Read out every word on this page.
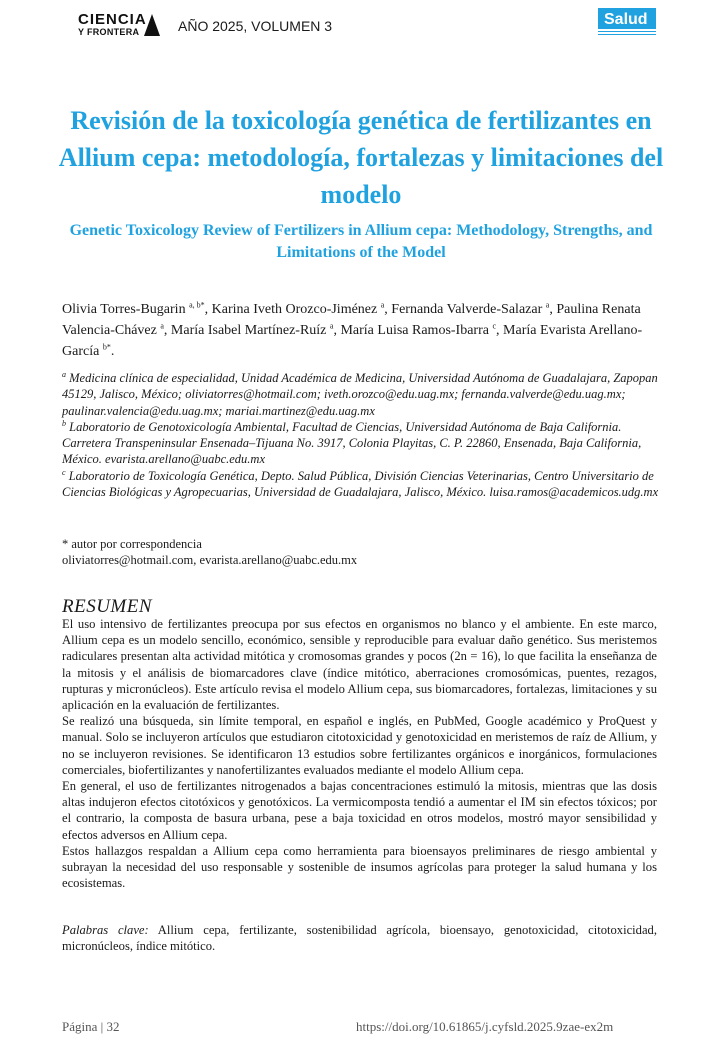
CIENCIA
Y FRONTERA	AÑO 2025, VOLUMEN 3	Salud
Revisión de la toxicología genética de fertilizantes en Allium cepa: metodología, fortalezas y limitaciones del modelo
Genetic Toxicology Review of Fertilizers in Allium cepa: Methodology, Strengths, and Limitations of the Model
Olivia Torres-Bugarin $^{a, b*}$, Karina Iveth Orozco-Jiménez $^a$, Fernanda Valverde-Salazar $^a$, Paulina Renata Valencia-Chávez $^a$, María Isabel Martínez-Ruíz $^a$, María Luisa Ramos-Ibarra $^c$, María Evarista Arellano-García $^{b*}$.

$^a$ Medicina clínica de especialidad, Unidad Académica de Medicina, Universidad Autónoma de Guadalajara, Zapopan 45129, Jalisco, México; oliviatorres@hotmail.com; iveth.orozco@edu.uag.mx; fernanda.valverde@edu.uag.mx; paulinar.valencia@edu.uag.mx; mariai.martinez@edu.uag.mx

$^b$ Laboratorio de Genotoxicología Ambiental, Facultad de Ciencias, Universidad Autónoma de Baja California. Carretera Transpeninsular Ensenada–Tijuana No. 3917, Colonia Playitas, C. P. 22860, Ensenada, Baja California, México. evarista.arellano@uabc.edu.mx

$^c$ Laboratorio de Toxicología Genética, Depto. Salud Pública, División Ciencias Veterinarias, Centro Universitario de Ciencias Biológicas y Agropecuarias, Universidad de Guadalajara, Jalisco, México. luisa.ramos@academicos.udg.mx

* autor por correspondencia
oliviatorres@hotmail.com, evarista.arellano@uabc.edu.mx
RESUMEN

El uso intensivo de fertilizantes preocupa por sus efectos en organismos no blanco y el ambiente. En este marco, Allium cepa es un modelo sencillo, económico, sensible y reproducible para evaluar daño genético. Sus meristemos radiculares presentan alta actividad mitótica y cromosomas grandes y pocos (2n = 16), lo que facilita la enseñanza de la mitosis y el análisis de biomarcadores clave (índice mitótico, aberraciones cromosómicas, puentes, rezagos, rupturas y micronúcleos). Este artículo revisa el modelo Allium cepa, sus biomarcadores, fortalezas, limitaciones y su aplicación en la evaluación de fertilizantes.

Se realizó una búsqueda, sin límite temporal, en español e inglés, en PubMed, Google académico y ProQuest y manual. Solo se incluyeron artículos que estudiaron citotoxicidad y genotoxicidad en meristemos de raíz de Allium, y no se incluyeron revisiones. Se identificaron 13 estudios sobre fertilizantes orgánicos e inorgánicos, formulaciones comerciales, biofertilizantes y nanofertilizantes evaluados mediante el modelo Allium cepa.

En general, el uso de fertilizantes nitrogenados a bajas concentraciones estimuló la mitosis, mientras que las dosis altas indujeron efectos citotóxicos y genotóxicos. La vermicomposta tendió a aumentar el IM sin efectos tóxicos; por el contrario, la composta de basura urbana, pese a baja toxicidad en otros modelos, mostró mayor sensibilidad y efectos adversos en Allium cepa.

Estos hallazgos respaldan a Allium cepa como herramienta para bioensayos preliminares de riesgo ambiental y subrayan la necesidad del uso responsable y sostenible de insumos agrícolas para proteger la salud humana y los ecosistemas.

Palabras clave: Allium cepa, fertilizante, sostenibilidad agrícola, bioensayo, genotoxicidad, citotoxicidad, micronúcleos, índice mitótico.
Página | 32	https://doi.org/10.61865/j.cyfsld.2025.9zae-ex2m
